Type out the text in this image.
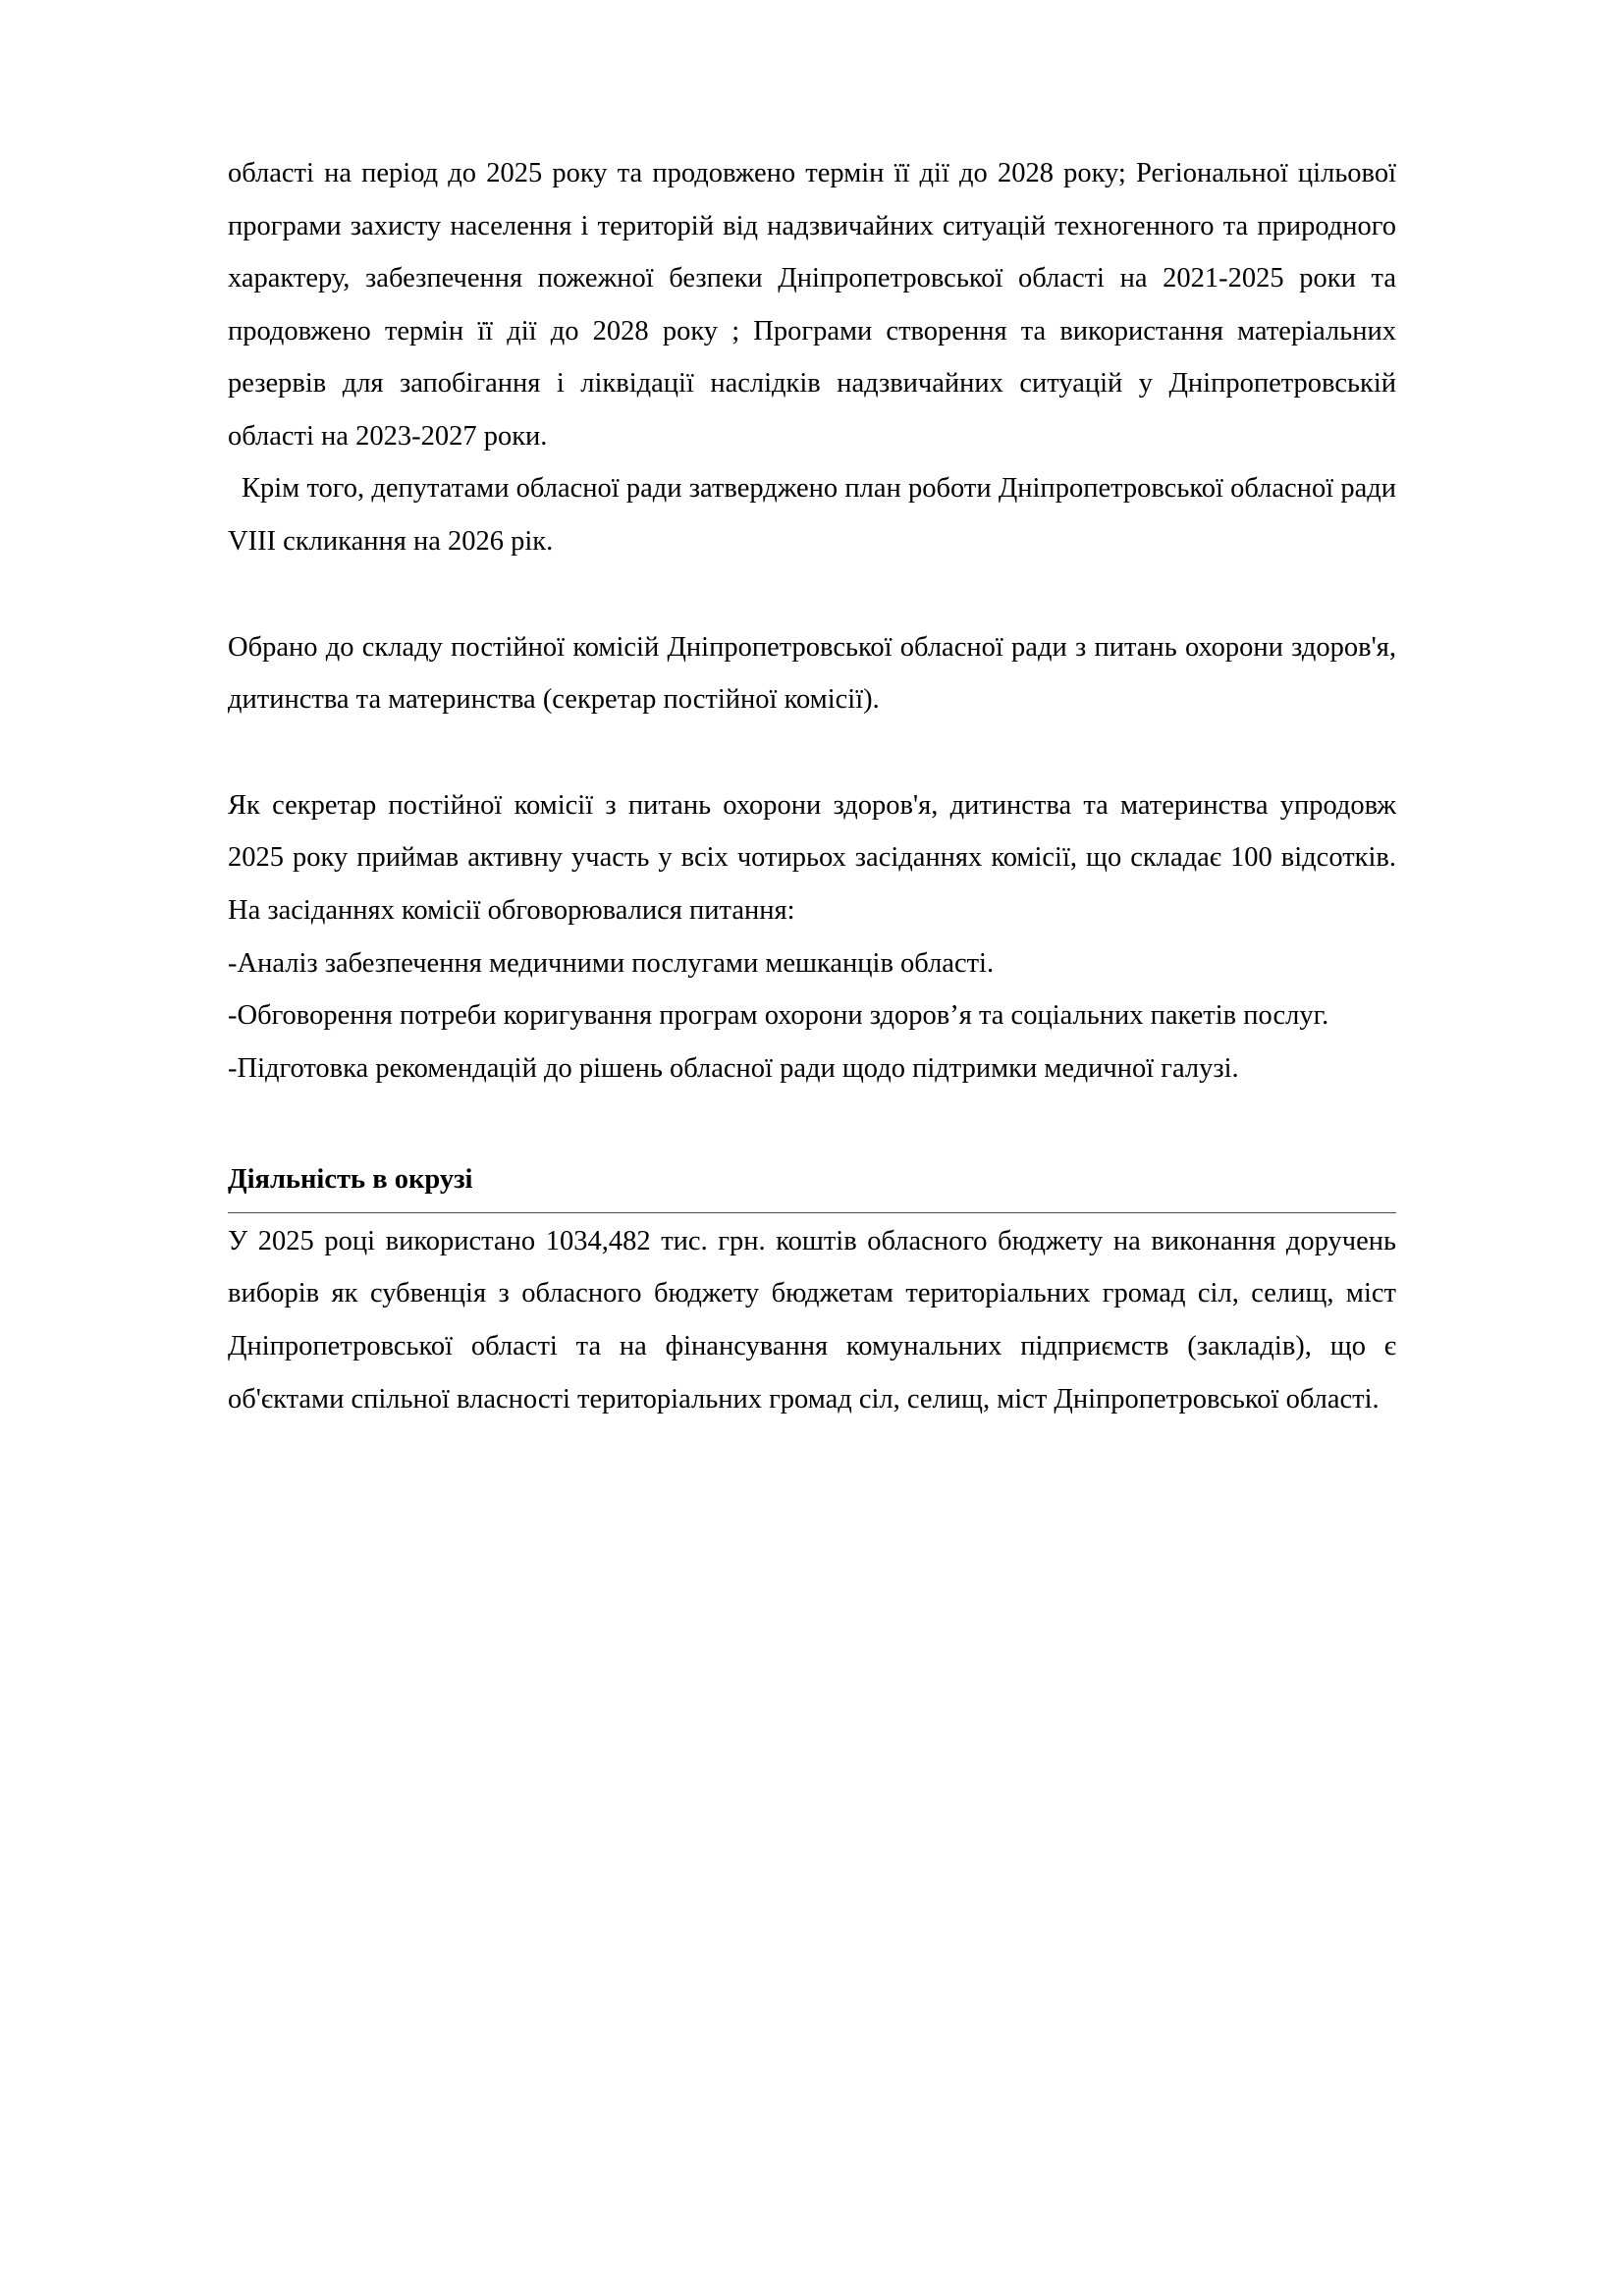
області на період до 2025 року та продовжено термін її дії до 2028 року; Регіональної цільової програми захисту населення і територій від надзвичайних ситуацій техногенного та природного характеру, забезпечення пожежної безпеки Дніпропетровської області на 2021-2025 роки та продовжено термін її дії до 2028 року ; Програми створення та використання матеріальних резервів для запобігання і ліквідації наслідків надзвичайних ситуацій у Дніпропетровській області на 2023-2027 роки.

Крім того, депутатами обласної ради затверджено план роботи Дніпропетровської обласної ради VIII скликання на 2026 рік.

Обрано до складу постійної комісій Дніпропетровської обласної ради з питань охорони здоров'я, дитинства та материнства (секретар постійної комісії).

Як секретар постійної комісії з питань охорони здоров'я, дитинства та материнства упродовж 2025 року приймав активну участь у всіх чотирьох засіданнях комісії, що складає 100 відсотків. На засіданнях комісії обговорювалися питання:

-Аналіз забезпечення медичними послугами мешканців області.

-Обговорення потреби коригування програм охорони здоров’я та соціальних пакетів послуг.

-Підготовка рекомендацій до рішень обласної ради щодо підтримки медичної галузі.

Діяльність в окрузі

У 2025 році використано 1034,482 тис. грн. коштів обласного бюджету на виконання доручень виборів як субвенція з обласного бюджету бюджетам територіальних громад сіл, селищ, міст Дніпропетровської області та на фінансування комунальних підприємств (закладів), що є об'єктами спільної власності територіальних громад сіл, селищ, міст Дніпропетровської області.
